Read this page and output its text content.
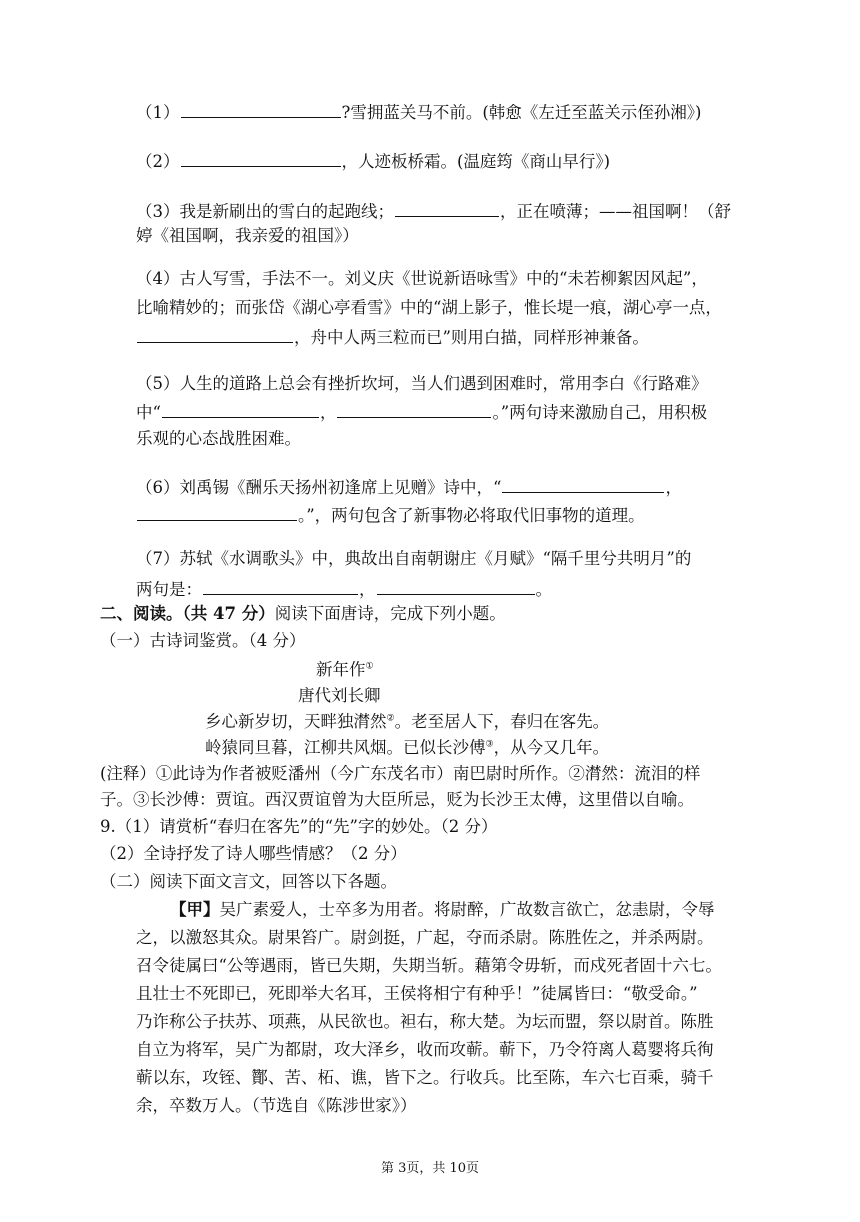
（1）	?雪拥蓝关马不前。(韩愈《左迁至蓝关示侄孙湘》)
（2）	，人迹板桥霜。(温庭筠《商山早行》)
（3）我是新刷出的雪白的起跑线；	，正在喷薄；——祖国啊！（舒
婷《祖国啊，我亲爱的祖国》）
（4）古人写雪，手法不一。刘义庆《世说新语咏雪》中的“未若柳絮因风起”，
比喻精妙的；而张岱《湖心亭看雪》中的“湖上影子，惟长堤一痕，湖心亭一点，
，舟中人两三粒而已”则用白描，同样形神兼备。
（5）人生的道路上总会有挫折坎坷，当人们遇到困难时，常用李白《行路难》
中“	，	。”两句诗来激励自己，用积极
乐观的心态战胜困难。
（6）刘禹锡《酬乐天扬州初逢席上见赠》诗中，“	，
。”，两句包含了新事物必将取代旧事物的道理。
（7）苏轼《水调歌头》中，典故出自南朝谢庄《月赋》“隔千里兮共明月”的
两句是：	，	。
二、阅读。（共 47 分）阅读下面唐诗，完成下列小题。
（一）古诗词鉴赏。（4 分）
新年作①
唐代刘长卿
乡心新岁切，天畔独潸然②。老至居人下，春归在客先。
岭猿同旦暮，江柳共风烟。已似长沙傅③，从今又几年。
(注释）①此诗为作者被贬潘州（今广东茂名市）南巴尉时所作。②潸然：流泪的样
子。③长沙傅：贾谊。西汉贾谊曾为大臣所忌，贬为长沙王太傅，这里借以自喻。
9.（1）请赏析“春归在客先”的“先”字的妙处。（2 分）
（2）全诗抒发了诗人哪些情感？（2 分）
（二）阅读下面文言文，回答以下各题。
【甲】吴广素爱人，士卒多为用者。将尉醉，广故数言欲亡，忿恚尉，令辱
之，以激怒其众。尉果笞广。尉剑挺，广起，夺而杀尉。陈胜佐之，并杀两尉。
召令徒属曰“公等遇雨，皆已失期，失期当斩。藉第令毋斩，而戍死者固十六七。
且壮士不死即已，死即举大名耳，王侯将相宁有种乎！”徒属皆曰：“敬受命。”
乃诈称公子扶苏、项燕，从民欲也。袒右，称大楚。为坛而盟，祭以尉首。陈胜
自立为将军，吴广为都尉，攻大泽乡，收而攻蕲。蕲下，乃令符离人葛婴将兵徇
蕲以东，攻铚、酇、苦、柘、谯，皆下之。行收兵。比至陈，车六七百乘，骑千
余，卒数万人。（节选自《陈涉世家》）
第 3页，共 10页
